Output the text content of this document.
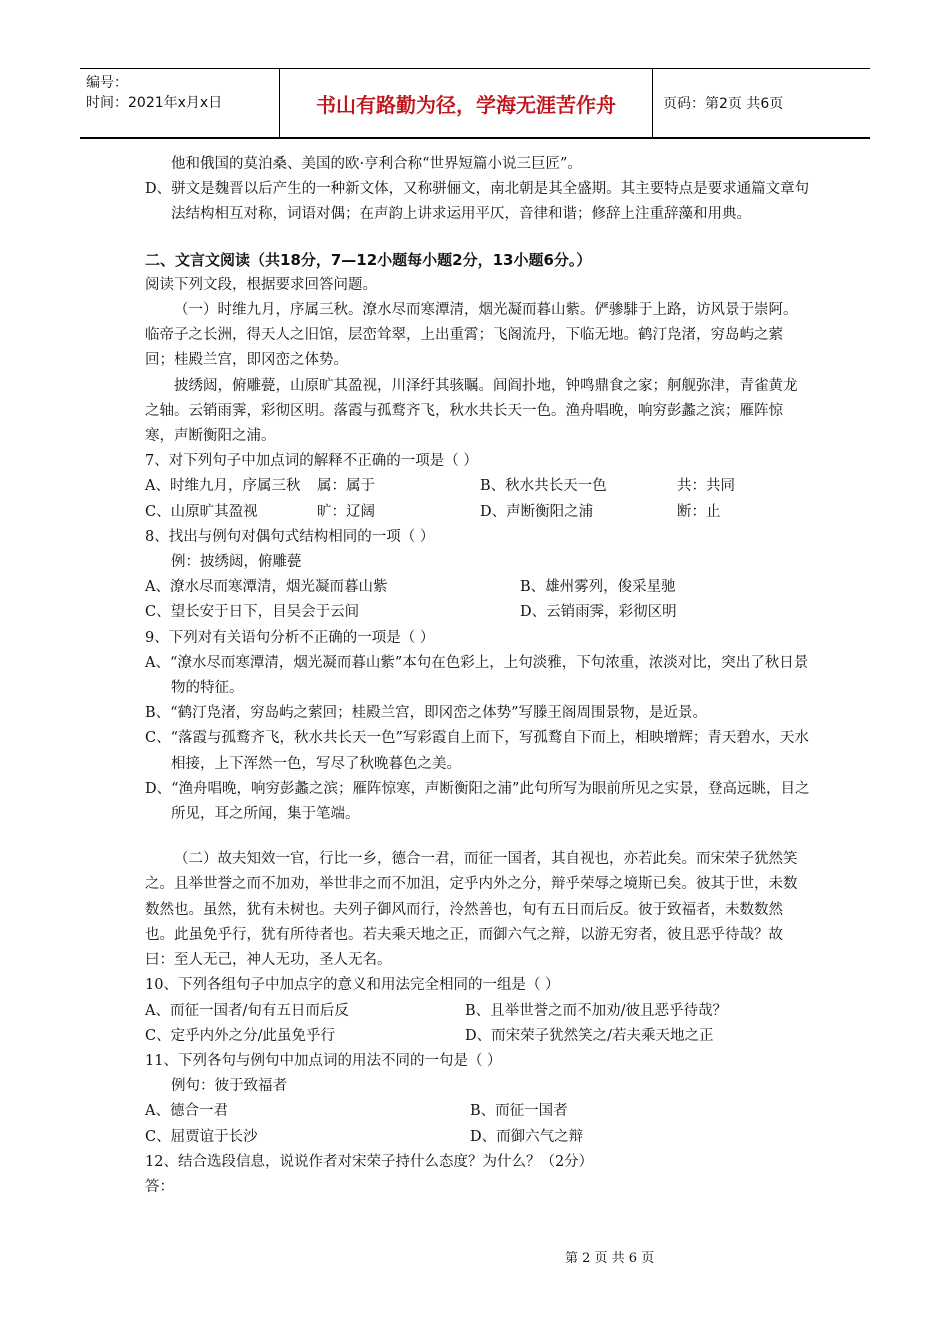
编号：
时间：2021年x月x日	书山有路勤为径，学海无涯苦作舟	页码：第2页 共6页

他和俄国的莫泊桑、美国的欧·亨利合称“世界短篇小说三巨匠”。

D、骈文是魏晋以后产生的一种新文体，又称骈俪文，南北朝是其全盛期。其主要特点是要求通篇文章句法结构相互对称，词语对偶；在声韵上讲求运用平仄，音律和谐；修辞上注重辞藻和用典。

二、文言文阅读（共18分，7—12小题每小题2分，13小题6分。）

阅读下列文段，根据要求回答问题。

（一）时维九月，序属三秋。潦水尽而寒潭清，烟光凝而暮山紫。俨骖騑于上路，访风景于崇阿。临帝子之长洲，得天人之旧馆，层峦耸翠，上出重霄；飞阁流丹，下临无地。鹤汀凫渚，穷岛屿之萦回；桂殿兰宫，即冈峦之体势。

披绣闼，俯雕甍，山原旷其盈视，川泽纡其骇瞩。闾阎扑地，钟鸣鼎食之家；舸舰弥津，青雀黄龙之轴。云销雨霁，彩彻区明。落霞与孤鹜齐飞，秋水共长天一色。渔舟唱晚，响穷彭蠡之滨；雁阵惊寒，声断衡阳之浦。

7、对下列句子中加点词的解释不正确的一项是（ ）

A、时维九月，序属三秋	属：属于	B、秋水共长天一色	共：共同
C、山原旷其盈视	旷：辽阔	D、声断衡阳之浦	断：止

8、找出与例句对偶句式结构相同的一项（ ）

例：披绣闼，俯雕甍

A、潦水尽而寒潭清，烟光凝而暮山紫	B、雄州雾列，俊采星驰
C、望长安于日下，目吴会于云间	D、云销雨霁，彩彻区明

9、下列对有关语句分析不正确的一项是（ ）

A、“潦水尽而寒潭清，烟光凝而暮山紫”本句在色彩上，上句淡雅，下句浓重，浓淡对比，突出了秋日景物的特征。

B、“鹤汀凫渚，穷岛屿之萦回；桂殿兰宫，即冈峦之体势”写滕王阁周围景物，是近景。

C、“落霞与孤鹜齐飞，秋水共长天一色”写彩霞自上而下，写孤鹜自下而上，相映增辉；青天碧水，天水相接，上下浑然一色，写尽了秋晚暮色之美。

D、“渔舟唱晚，响穷彭蠡之滨；雁阵惊寒，声断衡阳之浦”此句所写为眼前所见之实景，登高远眺，目之所见，耳之所闻，集于笔端。

（二）故夫知效一官，行比一乡，德合一君，而征一国者，其自视也，亦若此矣。而宋荣子犹然笑之。且举世誉之而不加劝，举世非之而不加沮，定乎内外之分，辩乎荣辱之境斯已矣。彼其于世，未数数然也。虽然，犹有未树也。夫列子御风而行，泠然善也，旬有五日而后反。彼于致福者，未数数然也。此虽免乎行，犹有所待者也。若夫乘天地之正，而御六气之辩，以游无穷者，彼且恶乎待哉？故曰：至人无己，神人无功，圣人无名。

10、下列各组句子中加点字的意义和用法完全相同的一组是（ ）

A、而征一国者/旬有五日而后反	B、且举世誉之而不加劝/彼且恶乎待哉？
C、定乎内外之分/此虽免乎行	D、而宋荣子犹然笑之/若夫乘天地之正

11、下列各句与例句中加点词的用法不同的一句是（ ）

例句：彼于致福者

A、德合一君	B、而征一国者
C、屈贾谊于长沙	D、而御六气之辩

12、结合选段信息，说说作者对宋荣子持什么态度？为什么？（2分）

答：

第 2 页 共 6 页
